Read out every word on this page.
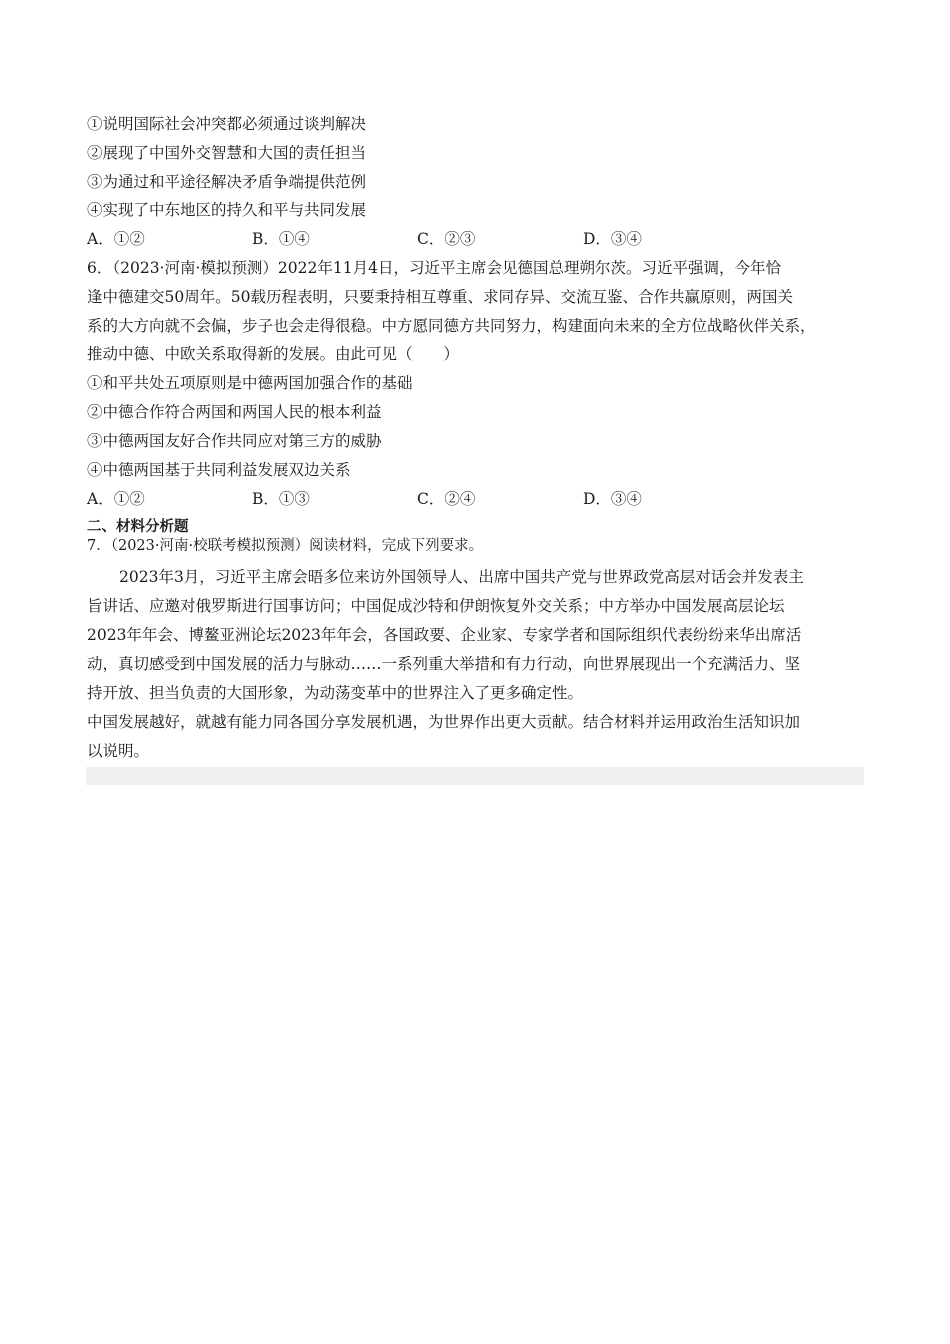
①说明国际社会冲突都必须通过谈判解决
②展现了中国外交智慧和大国的责任担当
③为通过和平途径解决矛盾争端提供范例
④实现了中东地区的持久和平与共同发展
A．①②	B．①④	C．②③	D．③④
6．（2023·河南·模拟预测）2022年11月4日，习近平主席会见德国总理朔尔茨。习近平强调，今年恰
逢中德建交50周年。50载历程表明，只要秉持相互尊重、求同存异、交流互鉴、合作共赢原则，两国关
系的大方向就不会偏，步子也会走得很稳。中方愿同德方共同努力，构建面向未来的全方位战略伙伴关系，
推动中德、中欧关系取得新的发展。由此可见（　　）
①和平共处五项原则是中德两国加强合作的基础
②中德合作符合两国和两国人民的根本利益
③中德两国友好合作共同应对第三方的威胁
④中德两国基于共同利益发展双边关系
A．①②	B．①③	C．②④	D．③④
二、材料分析题
7．（2023·河南·校联考模拟预测）阅读材料，完成下列要求。
2023年3月，习近平主席会晤多位来访外国领导人、出席中国共产党与世界政党高层对话会并发表主
旨讲话、应邀对俄罗斯进行国事访问；中国促成沙特和伊朗恢复外交关系；中方举办中国发展高层论坛
2023年年会、博鳌亚洲论坛2023年年会，各国政要、企业家、专家学者和国际组织代表纷纷来华出席活
动，真切感受到中国发展的活力与脉动……一系列重大举措和有力行动，向世界展现出一个充满活力、坚
持开放、担当负责的大国形象，为动荡变革中的世界注入了更多确定性。
中国发展越好，就越有能力同各国分享发展机遇，为世界作出更大贡献。结合材料并运用政治生活知识加
以说明。
